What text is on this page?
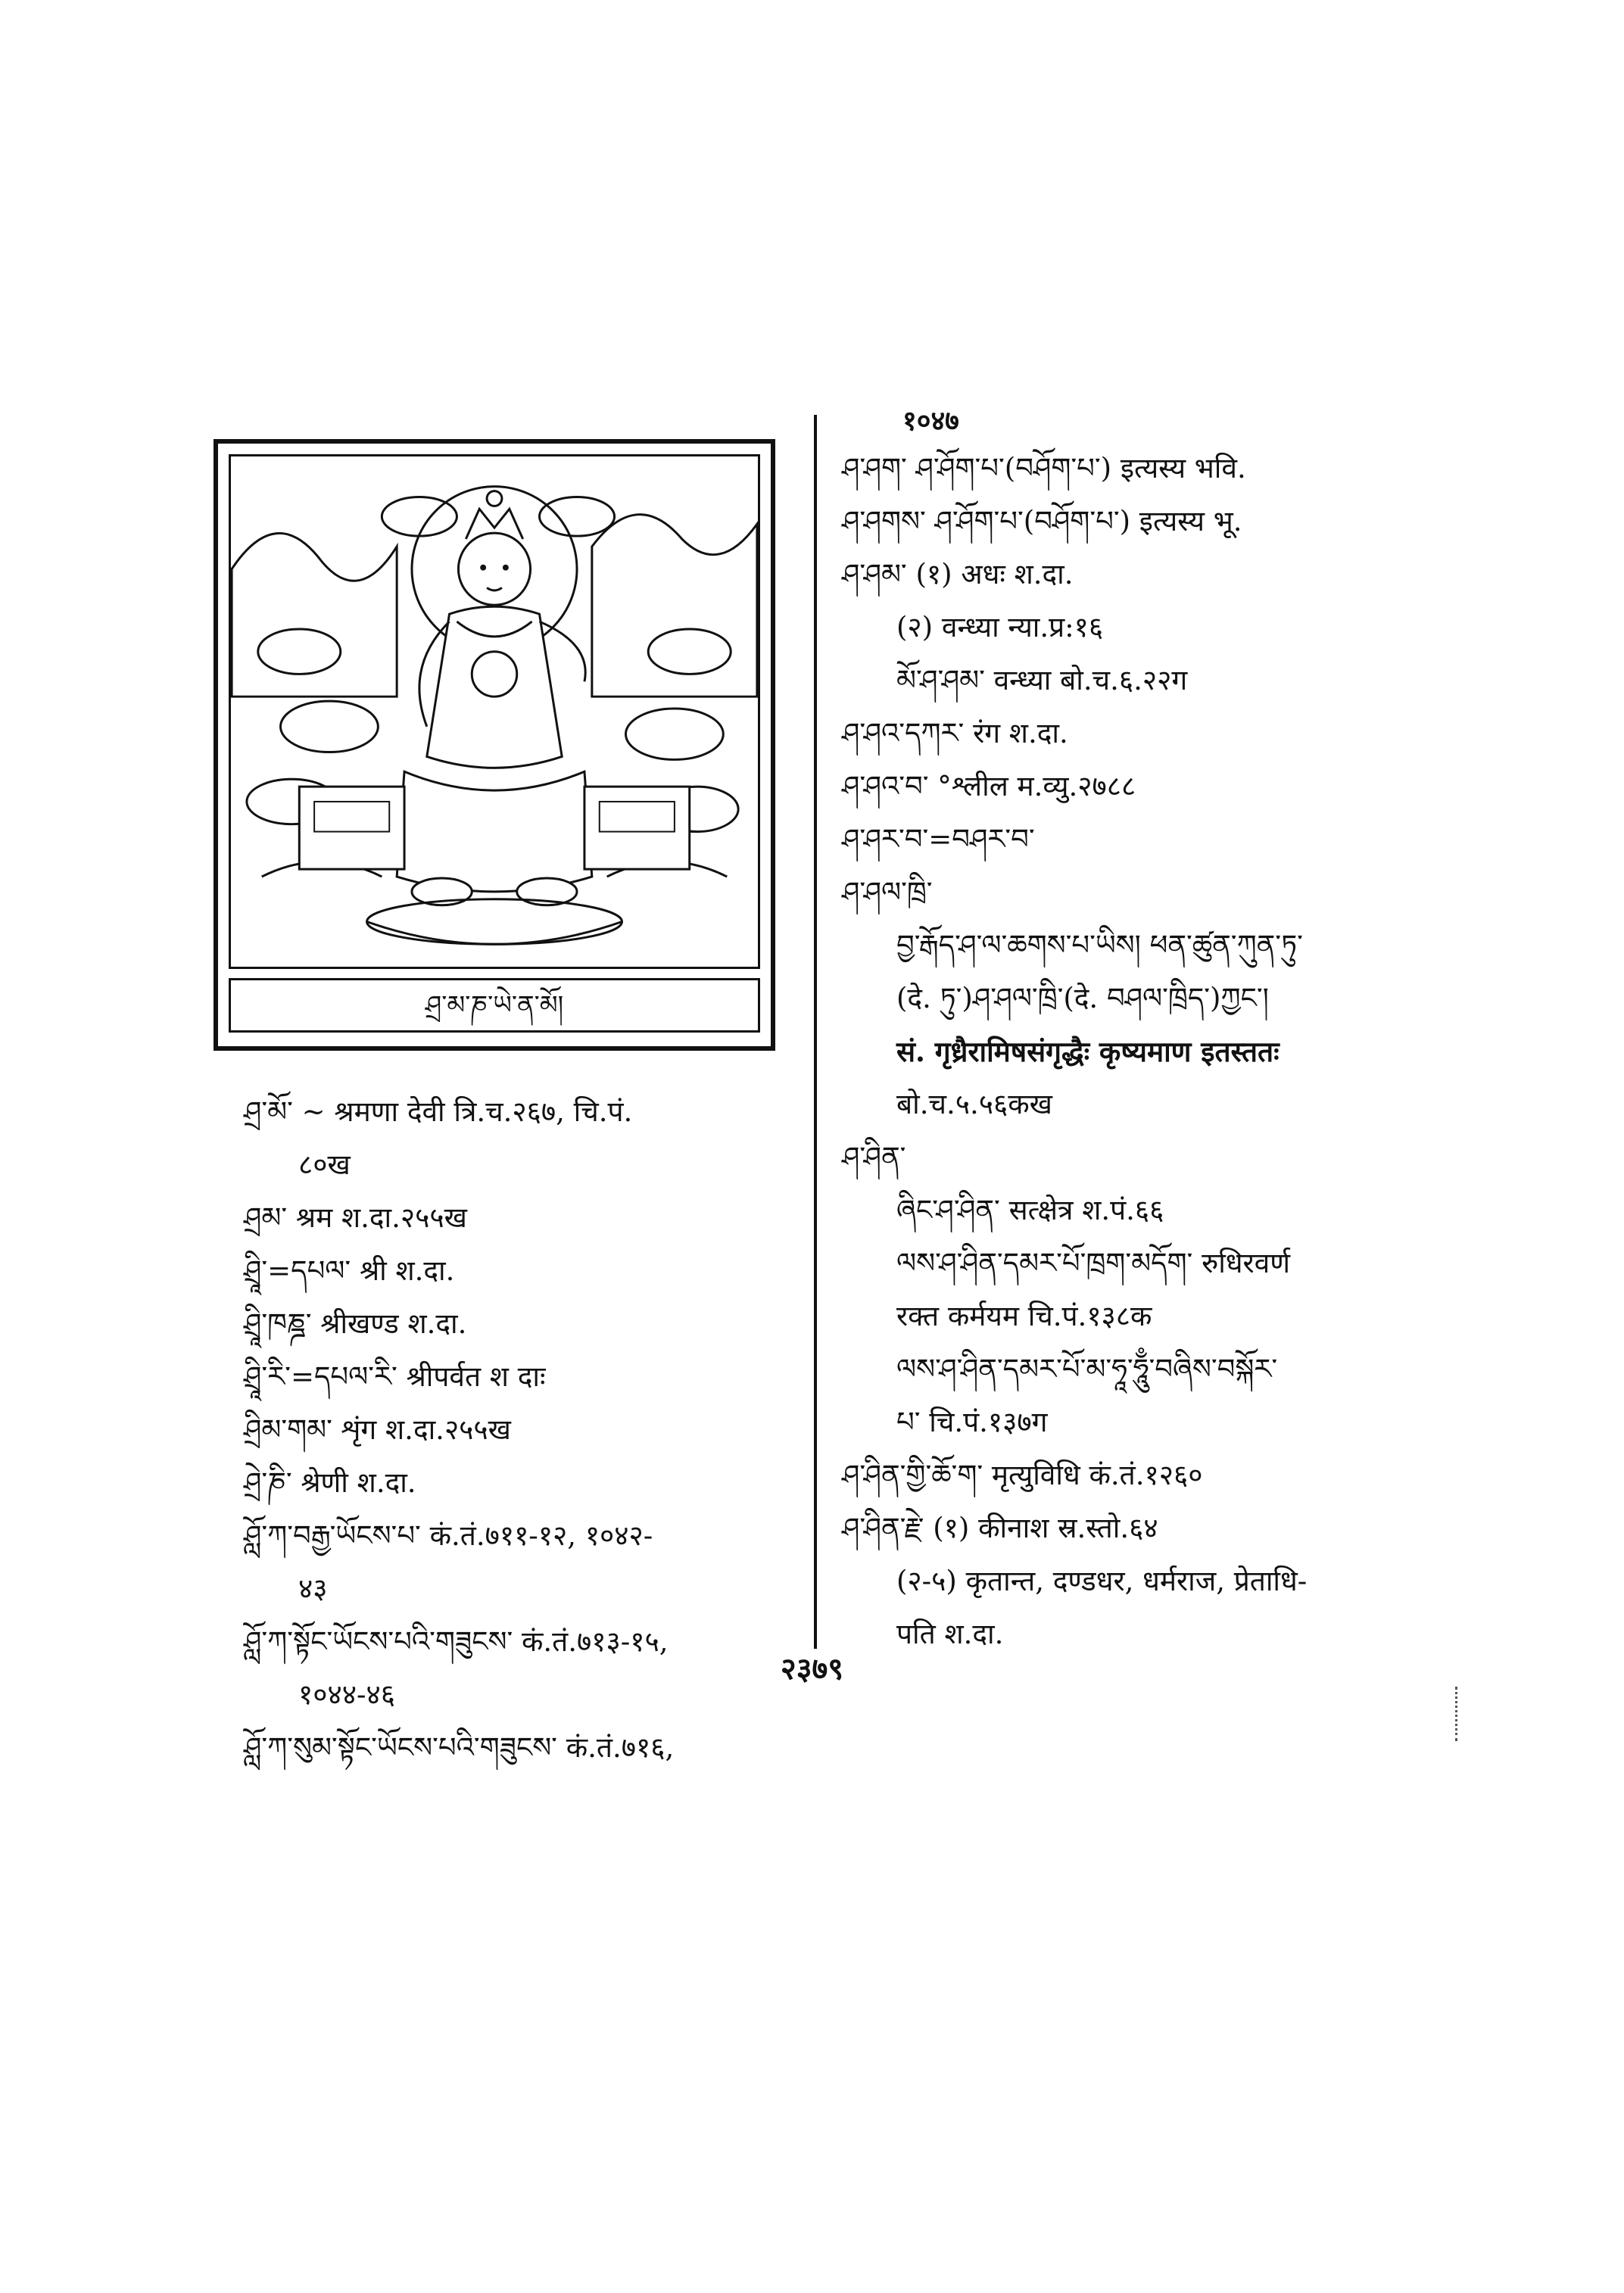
ཤྲ་མ་ཎ་ཡེ་ན་མོ།
ཤྲ་མོ་ ~ श्रमणा देवी त्रि.च.२६७, चि.पं.
८०ख
ཤྲམ་ श्रम श.दा.२५५ख
ཤྲཱི་=དཔལ་ श्री श.दा.
ཤྲཱི་ཁཎྜ་ श्रीखण्ड श.दा.
ཤྲཱི་རི་=དཔལ་རི་ श्रीपर्वत श दाः
ཤྲིམ་གམ་ शृंग श.दा.२५५ख
ཤྲེ་ཎི་ श्रेणी श.दा.
ཤློ་ཀ་བརྒྱ་ཡོངས་པ་ कं.तं.७११-१२, १०४२-
४३
ཤློ་ཀ་སྟོང་ཡོངས་པའི་གཟུངས་ कं.तं.७१३-१५,
१०४४-४६
ཤློ་ཀ་སུམ་སྟོང་ཡོངས་པའི་གཟུངས་ कं.तं.७१६,
१०४७
ཤ་ཤག་ ཤ་ཤོག་པ་(བཤོག་པ་) इत्यस्य भवि.
ཤ་ཤགས་ ཤ་ཤོག་པ་(བཤོག་པ་) इत्यस्य भू.
ཤ་ཤམ་ (१) अधः श.दा.
(२) वन्ध्या न्या.प्र:१६
མོ་ཤ་ཤམ་ वन्ध्या बो.च.६.२२ग
ཤ་ཤའ་དཀར་ रंग श.दा.
ཤ་ཤའ་བ་ °श्लील म.व्यु.२७८८
ཤ་ཤར་བ་=བཤར་བ་
ཤ་ཤལ་ཁྲི་
བྱ་རྒོད་ཤ་ལ་ཆགས་པ་ཡིས། ཕན་ཚུན་ཀུན་ཏུ་
(दे. ཏུ་)ཤ་ཤལ་ཁྲི་(दे. བཤལ་ཁྲིད་)ཀྱང་།
सं. गृध्रैरामिषसंगृद्धैः कृष्यमाण इतस्ततः
बो.च.५.५६कख
ཤ་ཤིན་
ཞིང་ཤ་ཤིན་ सत्क्षेत्र श.पं.६६
ལས་ཤ་ཤིན་དམར་པོ་ཁྲག་མདོག་ रुधिरवर्ण
रक्त कर्मयम चि.पं.१३८क
ལས་ཤ་ཤིན་དམར་པོ་མ་ཧཱ་ཧཱུྃ་བཞིས་བསྐོར་
པ་ चि.पं.१३७ग
ཤ་ཤིན་གྱི་ཆོ་ག་ मृत्युविधि कं.तं.१२६०
ཤ་ཤིན་རྗེ་ (१) कीनाश स्र.स्तो.६४
(२-५) कृतान्त, दण्डधर, धर्मराज, प्रेताधि-
पति श.दा.
२३७९
